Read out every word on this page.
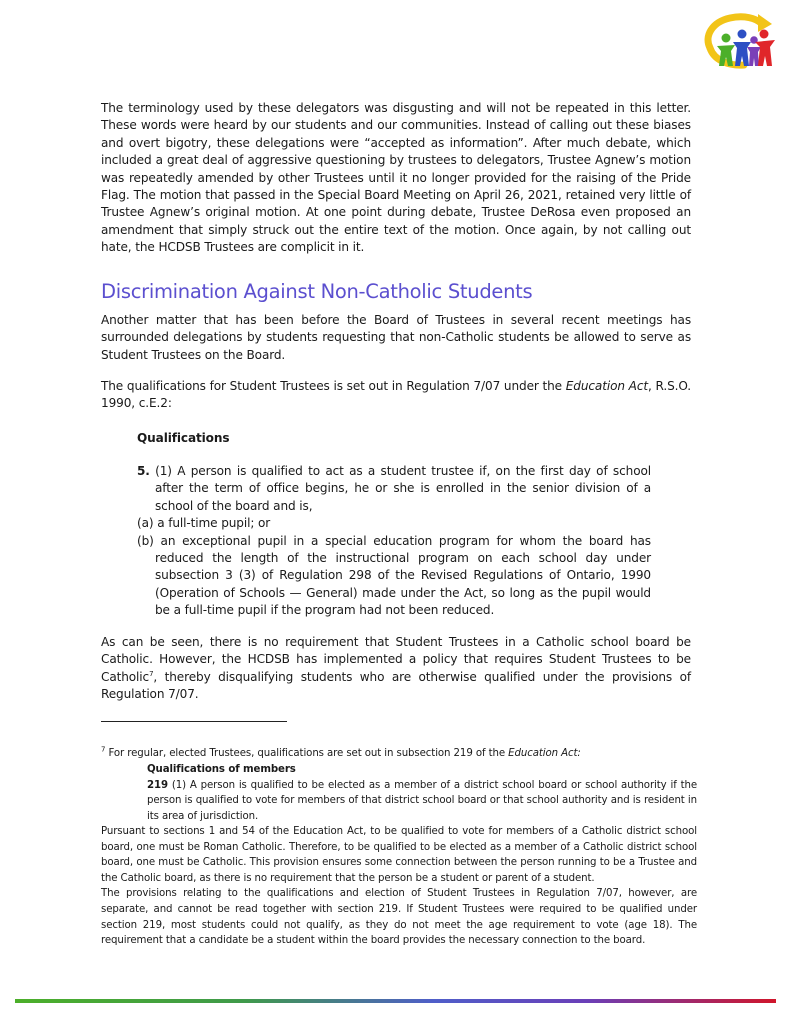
The terminology used by these delegators was disgusting and will not be repeated in this letter. These words were heard by our students and our communities. Instead of calling out these biases and overt bigotry, these delegations were “accepted as information”. After much debate, which included a great deal of aggressive questioning by trustees to delegators, Trustee Agnew’s motion was repeatedly amended by other Trustees until it no longer provided for the raising of the Pride Flag. The motion that passed in the Special Board Meeting on April 26, 2021, retained very little of Trustee Agnew’s original motion. At one point during debate, Trustee DeRosa even proposed an amendment that simply struck out the entire text of the motion. Once again, by not calling out hate, the HCDSB Trustees are complicit in it.

Discrimination Against Non-Catholic Students

Another matter that has been before the Board of Trustees in several recent meetings has surrounded delegations by students requesting that non-Catholic students be allowed to serve as Student Trustees on the Board.

The qualifications for Student Trustees is set out in Regulation 7/07 under the Education Act, R.S.O. 1990, c.E.2:

Qualifications

5. (1) A person is qualified to act as a student trustee if, on the first day of school after the term of office begins, he or she is enrolled in the senior division of a school of the board and is,

(a) a full-time pupil; or

(b) an exceptional pupil in a special education program for whom the board has reduced the length of the instructional program on each school day under subsection 3 (3) of Regulation 298 of the Revised Regulations of Ontario, 1990 (Operation of Schools — General) made under the Act, so long as the pupil would be a full-time pupil if the program had not been reduced.

As can be seen, there is no requirement that Student Trustees in a Catholic school board be Catholic. However, the HCDSB has implemented a policy that requires Student Trustees to be Catholic$^7$, thereby disqualifying students who are otherwise qualified under the provisions of Regulation 7/07.

$^7$ For regular, elected Trustees, qualifications are set out in subsection 219 of the Education Act:

Qualifications of members

219 (1) A person is qualified to be elected as a member of a district school board or school authority if the person is qualified to vote for members of that district school board or that school authority and is resident in its area of jurisdiction.

Pursuant to sections 1 and 54 of the Education Act, to be qualified to vote for members of a Catholic district school board, one must be Roman Catholic. Therefore, to be qualified to be elected as a member of a Catholic district school board, one must be Catholic. This provision ensures some connection between the person running to be a Trustee and the Catholic board, as there is no requirement that the person be a student or parent of a student.

The provisions relating to the qualifications and election of Student Trustees in Regulation 7/07, however, are separate, and cannot be read together with section 219. If Student Trustees were required to be qualified under section 219, most students could not qualify, as they do not meet the age requirement to vote (age 18). The requirement that a candidate be a student within the board provides the necessary connection to the board.
